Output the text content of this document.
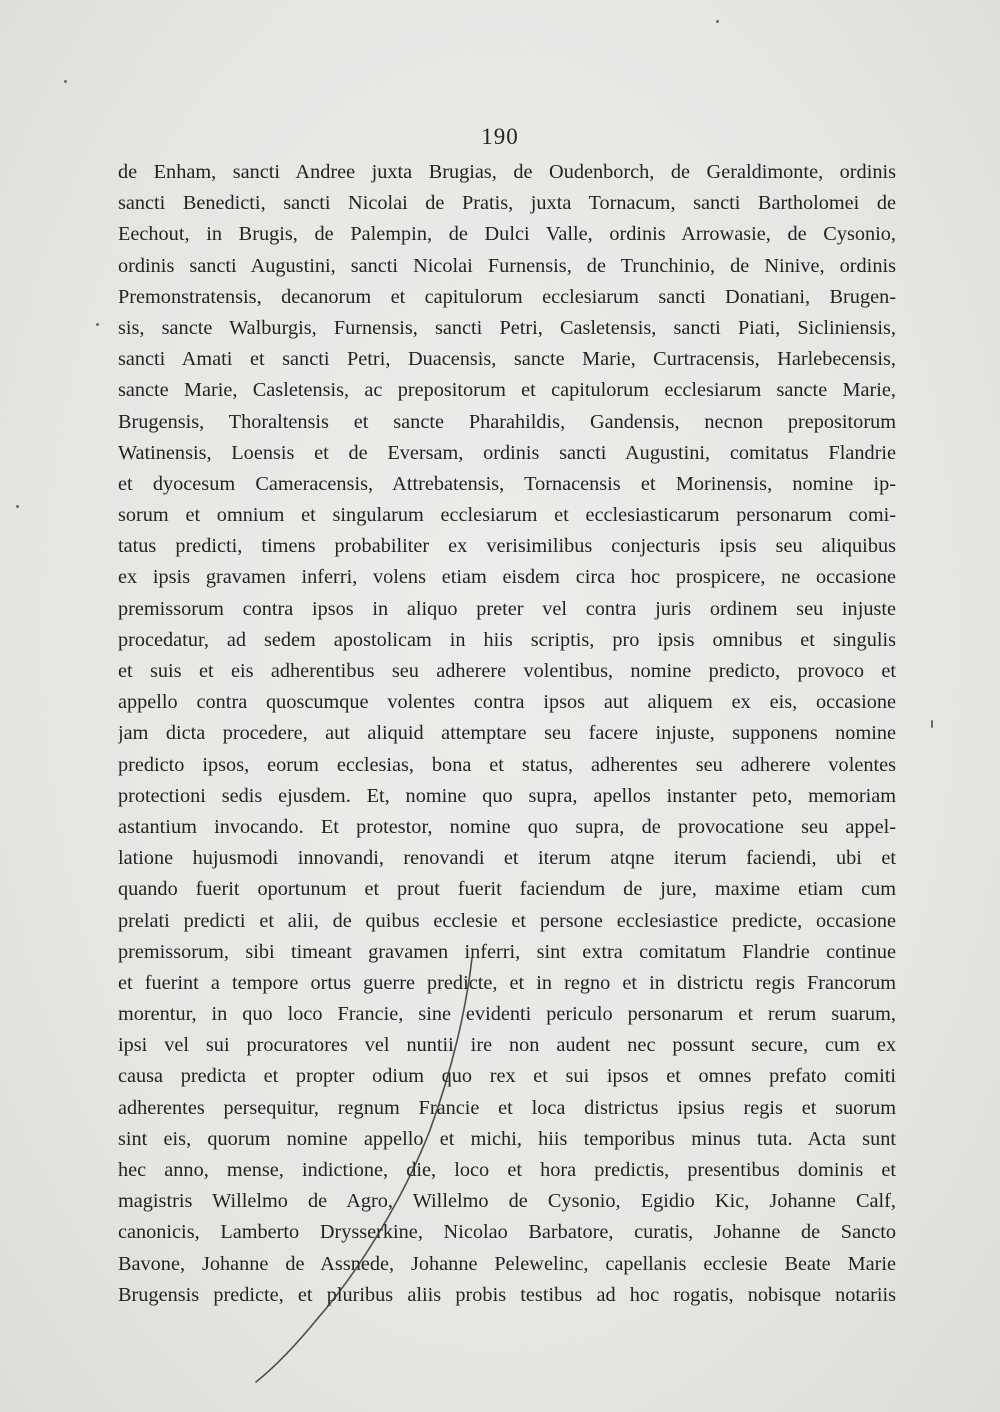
190
de Enham, sancti Andree juxta Brugias, de Oudenborch, de Geraldimonte, ordinis
sancti Benedicti, sancti Nicolai de Pratis, juxta Tornacum, sancti Bartholomei de
Eechout, in Brugis, de Palempin, de Dulci Valle, ordinis Arrowasie, de Cysonio,
ordinis sancti Augustini, sancti Nicolai Furnensis, de Trunchinio, de Ninive, ordinis
Premonstratensis, decanorum et capitulorum ecclesiarum sancti Donatiani, Brugen-
sis, sancte Walburgis, Furnensis, sancti Petri, Casletensis, sancti Piati, Sicliniensis,
sancti Amati et sancti Petri, Duacensis, sancte Marie, Curtracensis, Harlebecensis,
sancte Marie, Casletensis, ac prepositorum et capitulorum ecclesiarum sancte Marie,
Brugensis, Thoraltensis et sancte Pharahildis, Gandensis, necnon prepositorum
Watinensis, Loensis et de Eversam, ordinis sancti Augustini, comitatus Flandrie
et dyocesum Cameracensis, Attrebatensis, Tornacensis et Morinensis, nomine ip-
sorum et omnium et singularum ecclesiarum et ecclesiasticarum personarum comi-
tatus predicti, timens probabiliter ex verisimilibus conjecturis ipsis seu aliquibus
ex ipsis gravamen inferri, volens etiam eisdem circa hoc prospicere, ne occasione
premissorum contra ipsos in aliquo preter vel contra juris ordinem seu injuste
procedatur, ad sedem apostolicam in hiis scriptis, pro ipsis omnibus et singulis
et suis et eis adherentibus seu adherere volentibus, nomine predicto, provoco et
appello contra quoscumque volentes contra ipsos aut aliquem ex eis, occasione
jam dicta procedere, aut aliquid attemptare seu facere injuste, supponens nomine
predicto ipsos, eorum ecclesias, bona et status, adherentes seu adherere volentes
protectioni sedis ejusdem. Et, nomine quo supra, apellos instanter peto, memoriam
astantium invocando. Et protestor, nomine quo supra, de provocatione seu appel-
latione hujusmodi innovandi, renovandi et iterum atqne iterum faciendi, ubi et
quando fuerit oportunum et prout fuerit faciendum de jure, maxime etiam cum
prelati predicti et alii, de quibus ecclesie et persone ecclesiastice predicte, occasione
premissorum, sibi timeant gravamen inferri, sint extra comitatum Flandrie continue
et fuerint a tempore ortus guerre predicte, et in regno et in districtu regis Francorum
morentur, in quo loco Francie, sine evidenti periculo personarum et rerum suarum,
ipsi vel sui procuratores vel nuntii ire non audent nec possunt secure, cum ex
causa predicta et propter odium quo rex et sui ipsos et omnes prefato comiti
adherentes persequitur, regnum Francie et loca districtus ipsius regis et suorum
sint eis, quorum nomine appello et michi, hiis temporibus minus tuta. Acta sunt
hec anno, mense, indictione, die, loco et hora predictis, presentibus dominis et
magistris Willelmo de Agro, Willelmo de Cysonio, Egidio Kic, Johanne Calf,
canonicis, Lamberto Drysserkine, Nicolao Barbatore, curatis, Johanne de Sancto
Bavone, Johanne de Assnede, Johanne Pelewelinc, capellanis ecclesie Beate Marie
Brugensis predicte, et pluribus aliis probis testibus ad hoc rogatis, nobisque notariis
